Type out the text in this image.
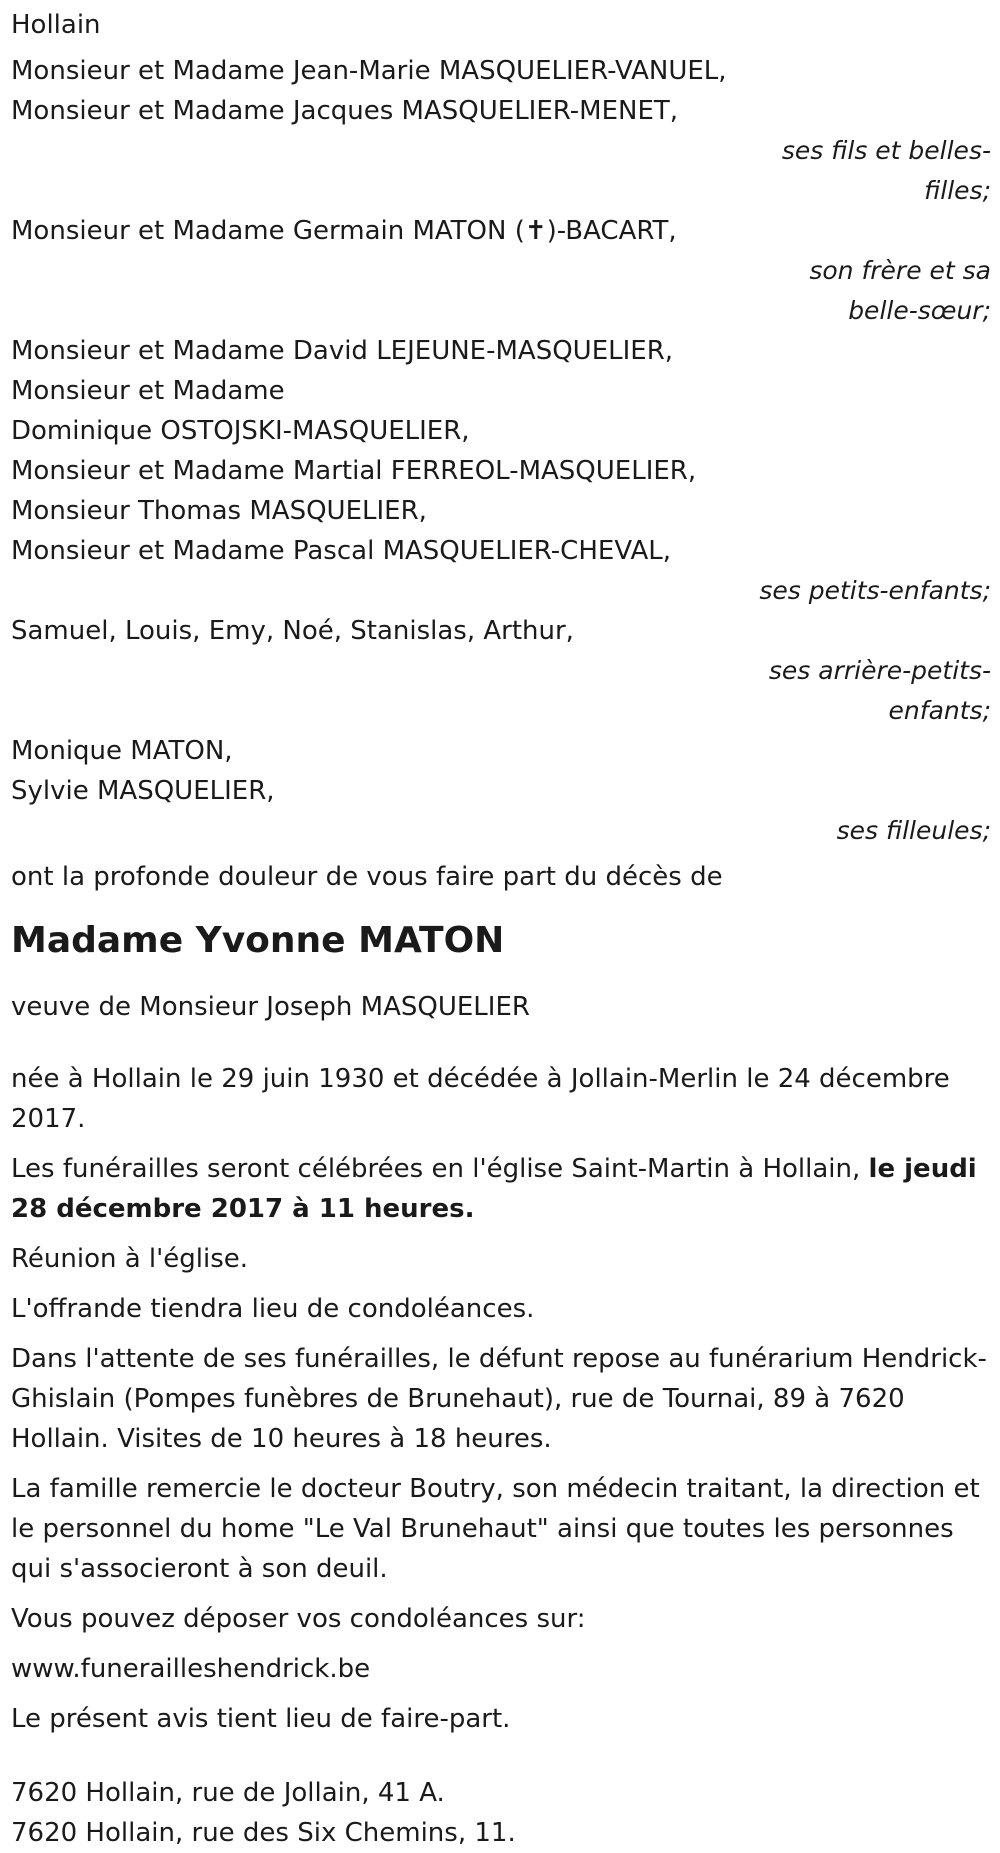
Hollain
Monsieur et Madame Jean-Marie MASQUELIER-VANUEL,
Monsieur et Madame Jacques MASQUELIER-MENET,
ses fils et belles-
filles;
Monsieur et Madame Germain MATON (✝)-BACART,
son frère et sa
belle-sœur;
Monsieur et Madame David LEJEUNE-MASQUELIER,
Monsieur et Madame
Dominique OSTOJSKI-MASQUELIER,
Monsieur et Madame Martial FERREOL-MASQUELIER,
Monsieur Thomas MASQUELIER,
Monsieur et Madame Pascal MASQUELIER-CHEVAL,
ses petits-enfants;
Samuel, Louis, Emy, Noé, Stanislas, Arthur,
ses arrière-petits-
enfants;
Monique MATON,
Sylvie MASQUELIER,
ses filleules;
ont la profonde douleur de vous faire part du décès de
Madame Yvonne MATON
veuve de Monsieur Joseph MASQUELIER
née à Hollain le 29 juin 1930 et décédée à Jollain-Merlin le 24 décembre 2017.
Les funérailles seront célébrées en l'église Saint-Martin à Hollain, le jeudi 28 décembre 2017 à 11 heures.
Réunion à l'église.
L'offrande tiendra lieu de condoléances.
Dans l'attente de ses funérailles, le défunt repose au funérarium Hendrick-Ghislain (Pompes funèbres de Brunehaut), rue de Tournai, 89 à 7620 Hollain. Visites de 10 heures à 18 heures.
La famille remercie le docteur Boutry, son médecin traitant, la direction et le personnel du home "Le Val Brunehaut" ainsi que toutes les personnes qui s'associeront à son deuil.
Vous pouvez déposer vos condoléances sur:
www.funerailleshendrick.be
Le présent avis tient lieu de faire-part.
7620 Hollain, rue de Jollain, 41 A.
7620 Hollain, rue des Six Chemins, 11.
